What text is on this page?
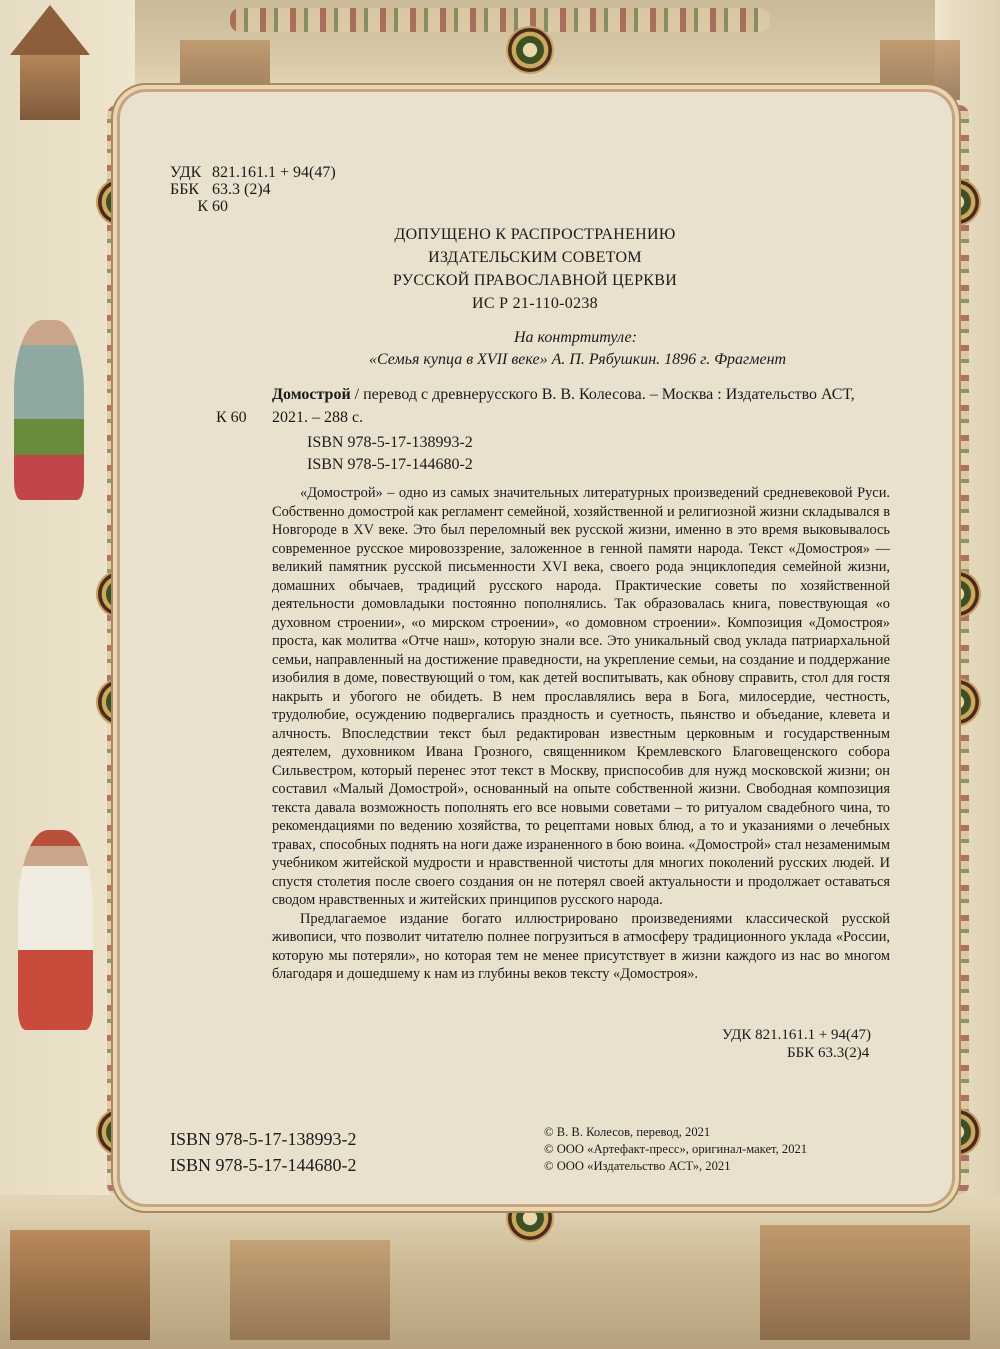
УДК 821.161.1 + 94(47)
ББК 63.3 (2)4
К 60
ДОПУЩЕНО К РАСПРОСТРАНЕНИЮ
ИЗДАТЕЛЬСКИМ СОВЕТОМ
РУССКОЙ ПРАВОСЛАВНОЙ ЦЕРКВИ
ИС Р 21-110-0238
На контртитуле:
«Семья купца в XVII веке» А. П. Рябушкин. 1896 г. Фрагмент
Домострой / перевод с древнерусского В. В. Колесова. – Москва : Издательство АСТ,
К 60 2021. – 288 с.
ISBN 978-5-17-138993-2
ISBN 978-5-17-144680-2

«Домострой» – одно из самых значительных литературных произведений средневековой Руси. Собственно домострой как регламент семейной, хозяйственной и религиозной жизни складывался в Новгороде в XV веке. Это был переломный век русской жизни, именно в это время выковывалось современное русское мировоззрение, заложенное в генной памяти народа. Текст «Домостроя» — великий памятник русской письменности XVI века, своего рода энциклопедия семейной жизни, домашних обычаев, традиций русского народа. Практические советы по хозяйственной деятельности домовладыки постоянно пополнялись. Так образовалась книга, повествующая «о духовном строении», «о мирском строении», «о домовном строении». Композиция «Домостроя» проста, как молитва «Отче наш», которую знали все. Это уникальный свод уклада патриархальной семьи, направленный на достижение праведности, на укрепление семьи, на создание и поддержание изобилия в доме, повествующий о том, как детей воспитывать, как обнову справить, стол для гостя накрыть и убогого не обидеть. В нем прославлялись вера в Бога, милосердие, честность, трудолюбие, осуждению подвергались праздность и суетность, пьянство и объедание, клевета и алчность. Впоследствии текст был редактирован известным церковным и государственным деятелем, духовником Ивана Грозного, священником Кремлевского Благовещенского собора Сильвестром, который перенес этот текст в Москву, приспособив для нужд московской жизни; он составил «Малый Домострой», основанный на опыте собственной жизни. Свободная композиция текста давала возможность пополнять его все новыми советами – то ритуалом свадебного чина, то рекомендациями по ведению хозяйства, то рецептами новых блюд, а то и указаниями о лечебных травах, способных поднять на ноги даже израненного в бою воина. «Домострой» стал незаменимым учебником житейской мудрости и нравственной чистоты для многих поколений русских людей. И спустя столетия после своего создания он не потерял своей актуальности и продолжает оставаться сводом нравственных и житейских принципов русского народа.

Предлагаемое издание богато иллюстрировано произведениями классической русской живописи, что позволит читателю полнее погрузиться в атмосферу традиционного уклада «России, которую мы потеряли», но которая тем не менее присутствует в жизни каждого из нас во многом благодаря и дошедшему к нам из глубины веков тексту «Домостроя».

УДК 821.161.1 + 94(47)
ББК 63.3(2)4
ISBN 978-5-17-138993-2
ISBN 978-5-17-144680-2
© В. В. Колесов, перевод, 2021
© ООО «Артефакт-пресс», оригинал-макет, 2021
© ООО «Издательство АСТ», 2021
